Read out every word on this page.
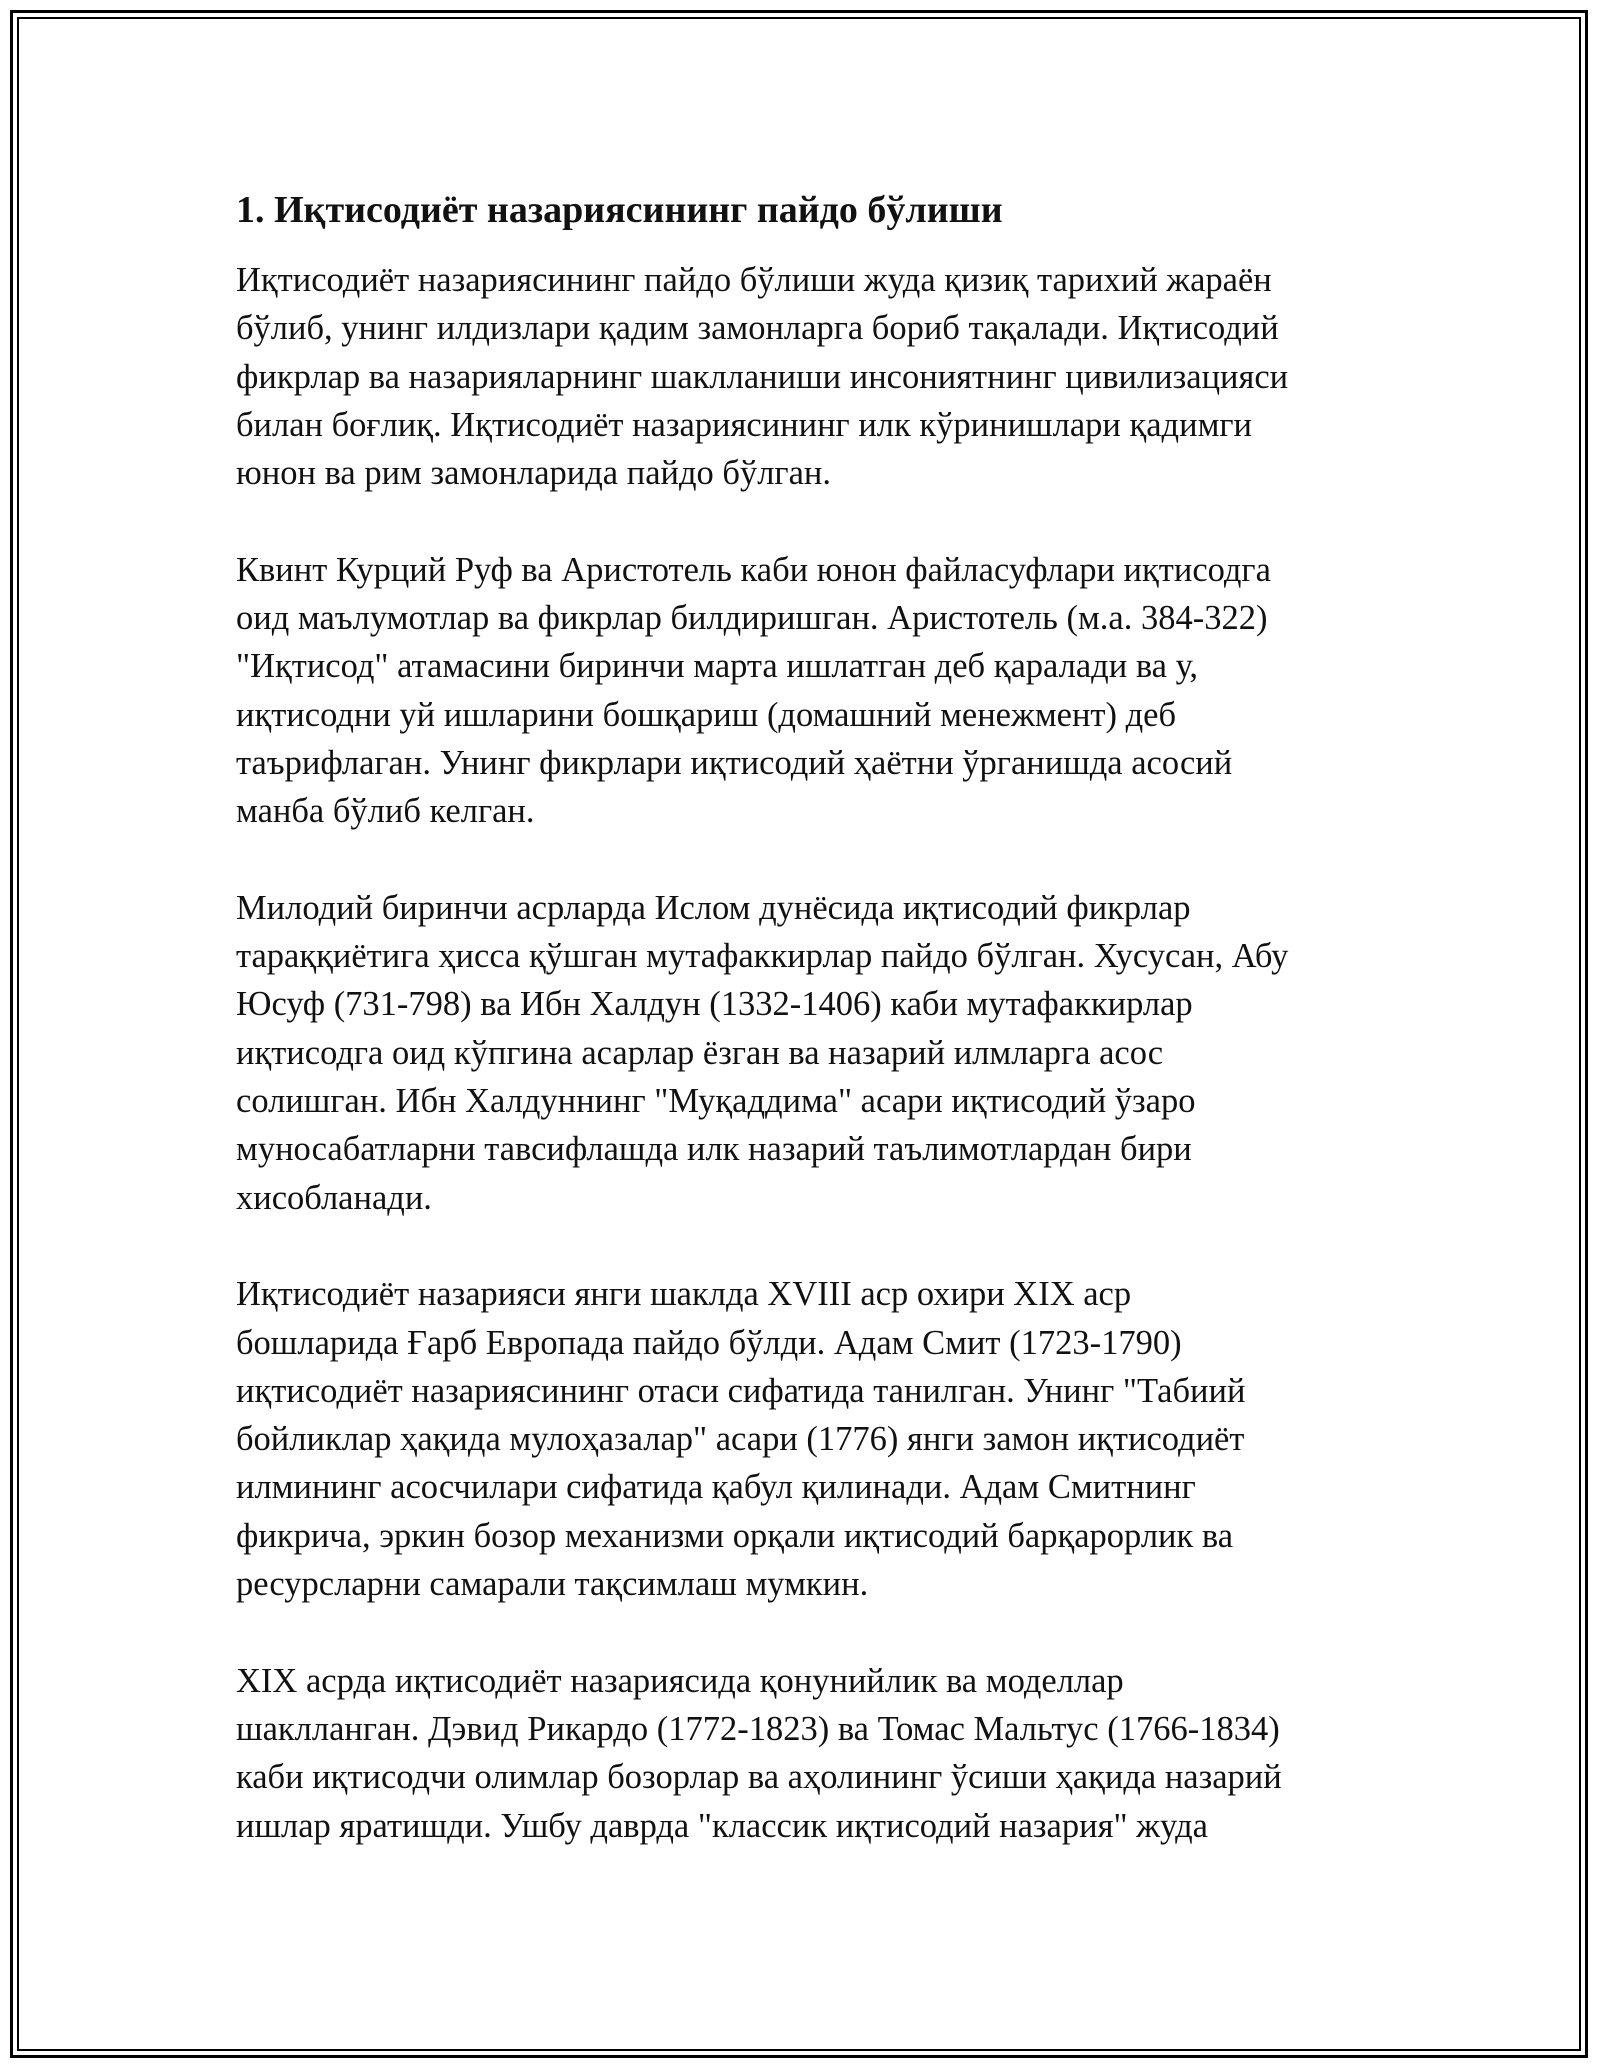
1. Иқтисодиёт назариясининг пайдо бўлиши
Иқтисодиёт назариясининг пайдо бўлиши жуда қизиқ тарихий жараён
бўлиб, унинг илдизлари қадим замонларга бориб тақалади. Иқтисодий
фикрлар ва назарияларнинг шаклланиши инсониятнинг цивилизацияси
билан боғлиқ. Иқтисодиёт назариясининг илк кўринишлари қадимги
юнон ва рим замонларида пайдо бўлган.
Квинт Курций Руф ва Аристотель каби юнон файласуфлари иқтисодга
оид маълумотлар ва фикрлар билдиришган. Аристотель (м.а. 384-322)
"Иқтисод" атамасини биринчи марта ишлатган деб қаралади ва у,
иқтисодни уй ишларини бошқариш (домашний менежмент) деб
таърифлаган. Унинг фикрлари иқтисодий ҳаётни ўрганишда асосий
манба бўлиб келган.
Милодий биринчи асрларда Ислом дунёсида иқтисодий фикрлар
тараққиётига ҳисса қўшган мутафаккирлар пайдо бўлган. Хусусан, Абу
Юсуф (731-798) ва Ибн Халдун (1332-1406) каби мутафаккирлар
иқтисодга оид кўпгина асарлар ёзган ва назарий илмларга асос
солишган. Ибн Халдуннинг "Муқаддима" асари иқтисодий ўзаро
муносабатларни тавсифлашда илк назарий таълимотлардан бири
хисобланади.
Иқтисодиёт назарияси янги шаклда XVIII аср охири XIX аср
бошларида Ғарб Европада пайдо бўлди. Адам Смит (1723-1790)
иқтисодиёт назариясининг отаси сифатида танилган. Унинг "Табиий
бойликлар ҳақида мулоҳазалар" асари (1776) янги замон иқтисодиёт
илмининг асосчилари сифатида қабул қилинади. Адам Смитнинг
фикрича, эркин бозор механизми орқали иқтисодий барқарорлик ва
ресурсларни самарали тақсимлаш мумкин.
XIX асрда иқтисодиёт назариясида қонунийлик ва моделлар
шаклланган. Дэвид Рикардо (1772-1823) ва Томас Мальтус (1766-1834)
каби иқтисодчи олимлар бозорлар ва аҳолининг ўсиши ҳақида назарий
ишлар яратишди. Ушбу даврда "классик иқтисодий назария" жуда
